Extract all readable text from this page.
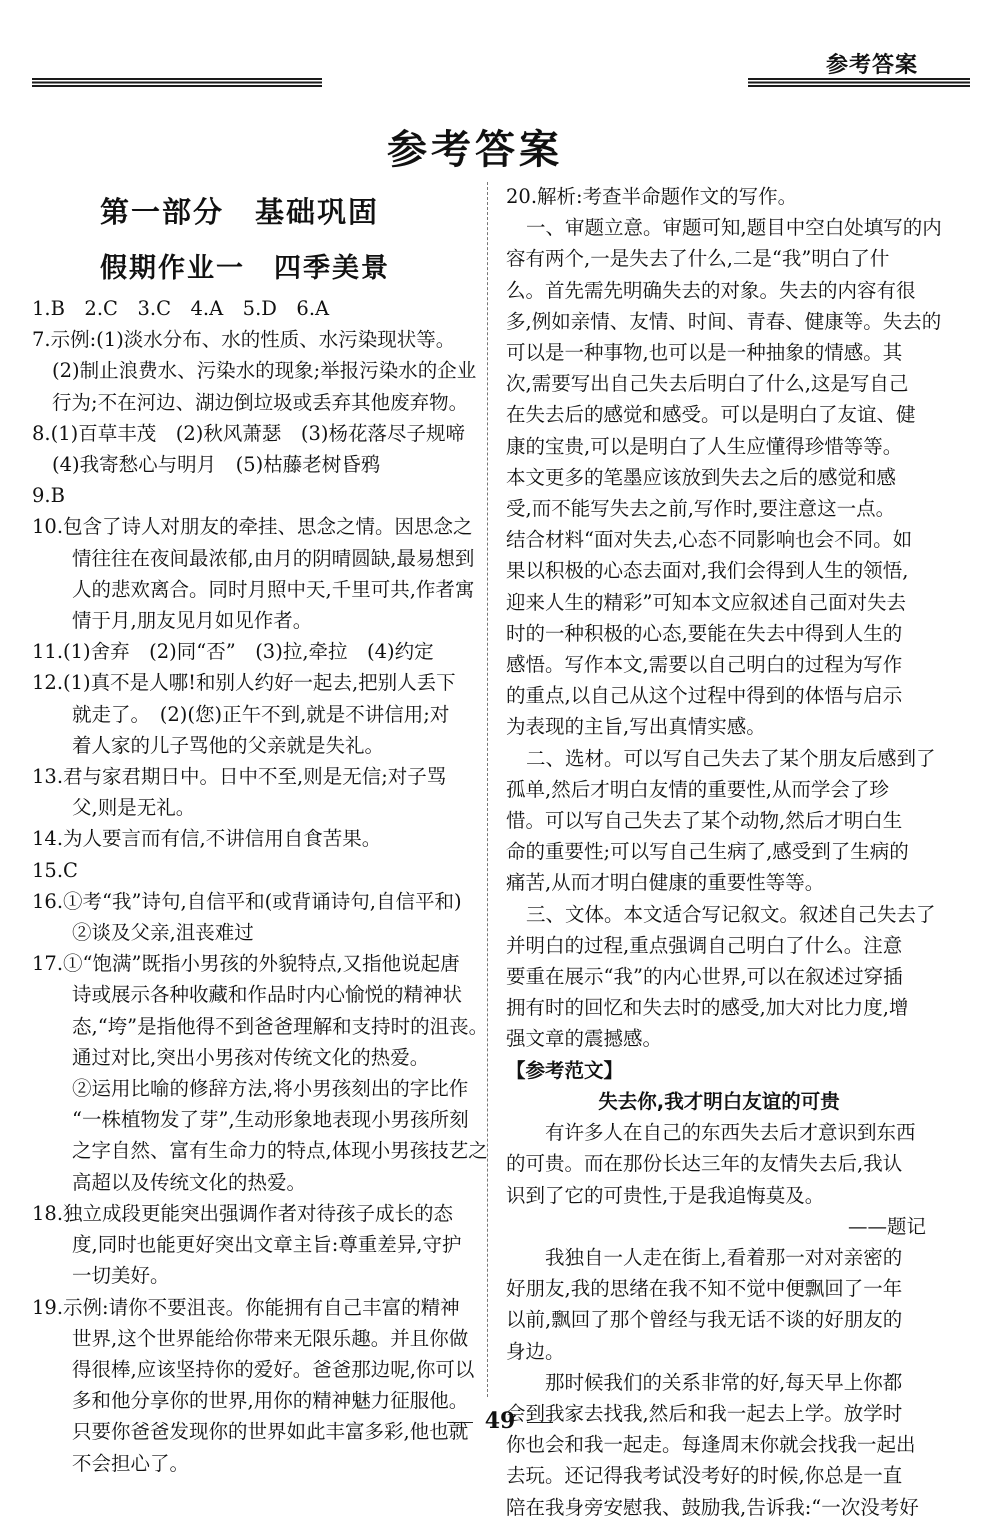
参考答案
参考答案
第一部分　基础巩固
假期作业一　四季美景
1.B　2.C　3.C　4.A　5.D　6.A
7.示例:(1)淡水分布、水的性质、水污染现状等。
(2)制止浪费水、污染水的现象;举报污染水的企业
行为;不在河边、湖边倒垃圾或丢弃其他废弃物。
8.(1)百草丰茂　(2)秋风萧瑟　(3)杨花落尽子规啼
(4)我寄愁心与明月　(5)枯藤老树昏鸦
9.B
10.包含了诗人对朋友的牵挂、思念之情。因思念之
情往往在夜间最浓郁,由月的阴晴圆缺,最易想到
人的悲欢离合。同时月照中天,千里可共,作者寓
情于月,朋友见月如见作者。
11.(1)舍弃　(2)同“否”　(3)拉,牵拉　(4)约定
12.(1)真不是人哪!和别人约好一起去,把别人丢下
就走了。　(2)(您)正午不到,就是不讲信用;对
着人家的儿子骂他的父亲就是失礼。
13.君与家君期日中。日中不至,则是无信;对子骂
父,则是无礼。
14.为人要言而有信,不讲信用自食苦果。
15.C
16.①考“我”诗句,自信平和(或背诵诗句,自信平和)
②谈及父亲,沮丧难过
17.①“饱满”既指小男孩的外貌特点,又指他说起唐
诗或展示各种收藏和作品时内心愉悦的精神状
态,“垮”是指他得不到爸爸理解和支持时的沮丧。
通过对比,突出小男孩对传统文化的热爱。
②运用比喻的修辞方法,将小男孩刻出的字比作
“一株植物发了芽”,生动形象地表现小男孩所刻
之字自然、富有生命力的特点,体现小男孩技艺之
高超以及传统文化的热爱。
18.独立成段更能突出强调作者对待孩子成长的态
度,同时也能更好突出文章主旨:尊重差异,守护
一切美好。
19.示例:请你不要沮丧。你能拥有自己丰富的精神
世界,这个世界能给你带来无限乐趣。并且你做
得很棒,应该坚持你的爱好。爸爸那边呢,你可以
多和他分享你的世界,用你的精神魅力征服他。
只要你爸爸发现你的世界如此丰富多彩,他也就
不会担心了。
20.解析:考查半命题作文的写作。
一、审题立意。审题可知,题目中空白处填写的内
容有两个,一是失去了什么,二是“我”明白了什
么。首先需先明确失去的对象。失去的内容有很
多,例如亲情、友情、时间、青春、健康等。失去的
可以是一种事物,也可以是一种抽象的情感。其
次,需要写出自己失去后明白了什么,这是写自己
在失去后的感觉和感受。可以是明白了友谊、健
康的宝贵,可以是明白了人生应懂得珍惜等等。
本文更多的笔墨应该放到失去之后的感觉和感
受,而不能写失去之前,写作时,要注意这一点。
结合材料“面对失去,心态不同影响也会不同。如
果以积极的心态去面对,我们会得到人生的领悟,
迎来人生的精彩”可知本文应叙述自己面对失去
时的一种积极的心态,要能在失去中得到人生的
感悟。写作本文,需要以自己明白的过程为写作
的重点,以自己从这个过程中得到的体悟与启示
为表现的主旨,写出真情实感。
二、选材。可以写自己失去了某个朋友后感到了
孤单,然后才明白友情的重要性,从而学会了珍
惜。可以写自己失去了某个动物,然后才明白生
命的重要性;可以写自己生病了,感受到了生病的
痛苦,从而才明白健康的重要性等等。
三、文体。本文适合写记叙文。叙述自己失去了
并明白的过程,重点强调自己明白了什么。注意
要重在展示“我”的内心世界,可以在叙述过穿插
拥有时的回忆和失去时的感受,加大对比力度,增
强文章的震撼感。
【参考范文】
失去你,我才明白友谊的可贵
有许多人在自己的东西失去后才意识到东西
的可贵。而在那份长达三年的友情失去后,我认
识到了它的可贵性,于是我追悔莫及。
——题记
我独自一人走在街上,看着那一对对亲密的
好朋友,我的思绪在我不知不觉中便飘回了一年
以前,飘回了那个曾经与我无话不谈的好朋友的
身边。
那时候我们的关系非常的好,每天早上你都
会到我家去找我,然后和我一起去上学。放学时
你也会和我一起走。每逢周末你就会找我一起出
去玩。还记得我考试没考好的时候,你总是一直
陪在我身旁安慰我、鼓励我,告诉我:“一次没考好
49
